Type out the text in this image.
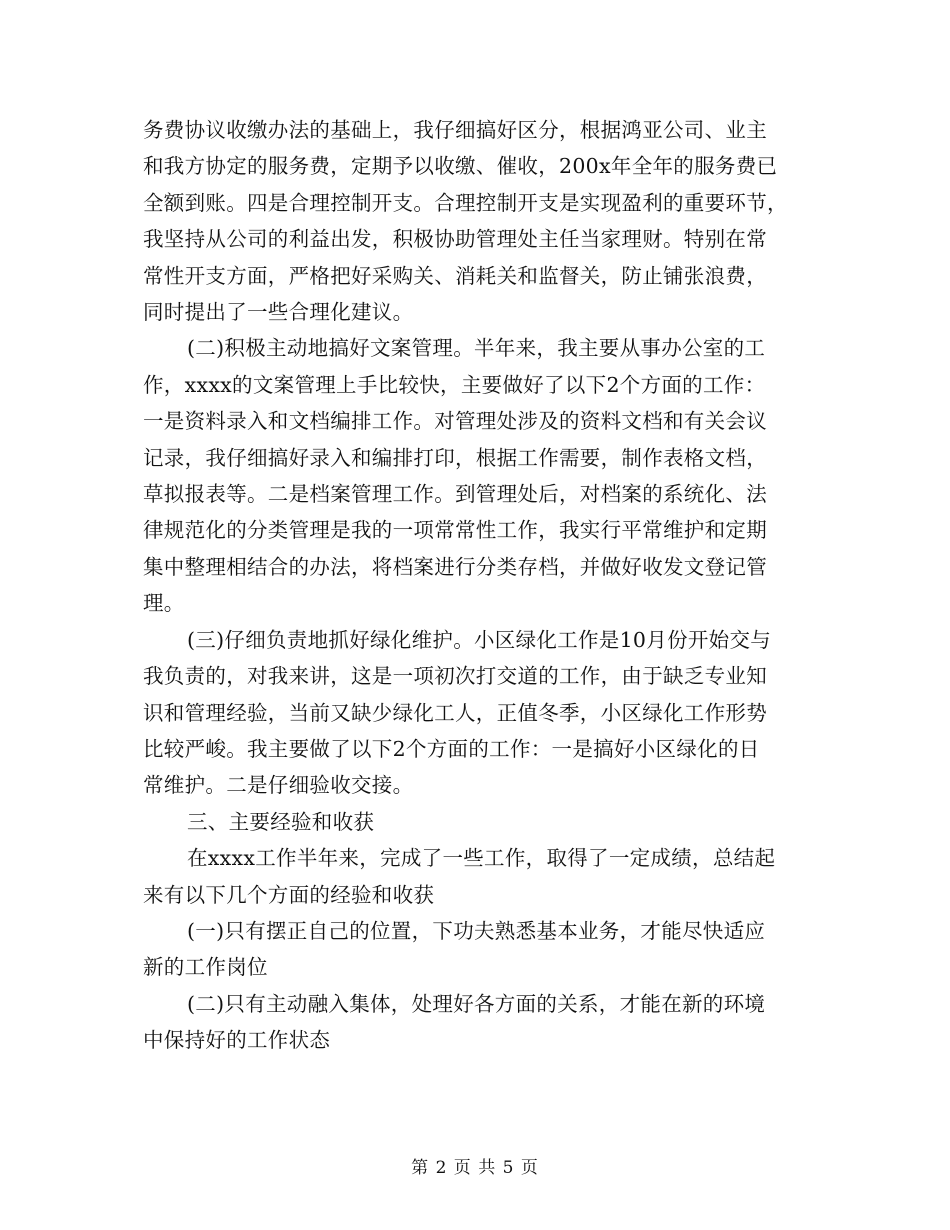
务费协议收缴办法的基础上，我仔细搞好区分，根据鸿亚公司、业主
和我方协定的服务费，定期予以收缴、催收，200x年全年的服务费已
全额到账。四是合理控制开支。合理控制开支是实现盈利的重要环节，
我坚持从公司的利益出发，积极协助管理处主任当家理财。特别在常
常性开支方面，严格把好采购关、消耗关和监督关，防止铺张浪费，
同时提出了一些合理化建议。

(二)积极主动地搞好文案管理。半年来，我主要从事办公室的工
作，xxxx的文案管理上手比较快，主要做好了以下2个方面的工作：
一是资料录入和文档编排工作。对管理处涉及的资料文档和有关会议
记录，我仔细搞好录入和编排打印，根据工作需要，制作表格文档，
草拟报表等。二是档案管理工作。到管理处后，对档案的系统化、法
律规范化的分类管理是我的一项常常性工作，我实行平常维护和定期
集中整理相结合的办法，将档案进行分类存档，并做好收发文登记管
理。

(三)仔细负责地抓好绿化维护。小区绿化工作是10月份开始交与
我负责的，对我来讲，这是一项初次打交道的工作，由于缺乏专业知
识和管理经验，当前又缺少绿化工人，正值冬季，小区绿化工作形势
比较严峻。我主要做了以下2个方面的工作：一是搞好小区绿化的日
常维护。二是仔细验收交接。

三、主要经验和收获

在xxxx工作半年来，完成了一些工作，取得了一定成绩，总结起
来有以下几个方面的经验和收获

(一)只有摆正自己的位置，下功夫熟悉基本业务，才能尽快适应
新的工作岗位

(二)只有主动融入集体，处理好各方面的关系，才能在新的环境
中保持好的工作状态

第 2 页 共 5 页
